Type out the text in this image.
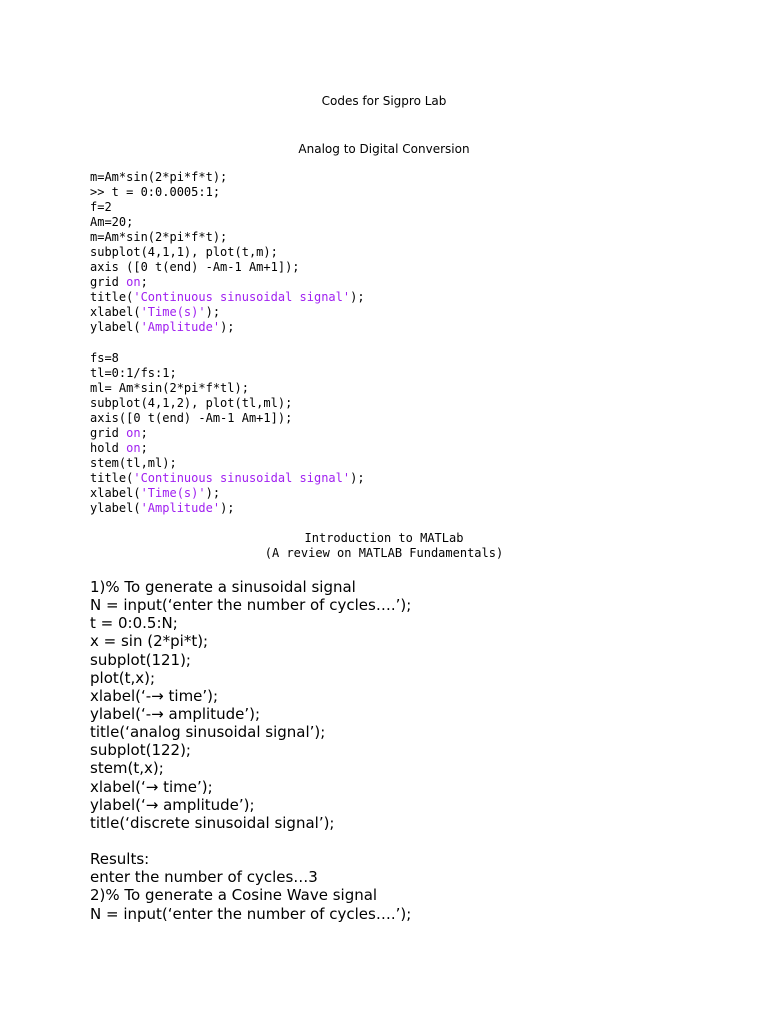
Codes for Sigpro Lab
Analog to Digital Conversion
m=Am*sin(2*pi*f*t);
>> t = 0:0.0005:1;
f=2
Am=20;
m=Am*sin(2*pi*f*t);
subplot(4,1,1), plot(t,m);
axis ([0 t(end) -Am-1 Am+1]);
grid on;
title('Continuous sinusoidal signal');
xlabel('Time(s)');
ylabel('Amplitude');
fs=8
tl=0:1/fs:1;
ml= Am*sin(2*pi*f*tl);
subplot(4,1,2), plot(tl,ml);
axis([0 t(end) -Am-1 Am+1]);
grid on;
hold on;
stem(tl,ml);
title('Continuous sinusoidal signal');
xlabel('Time(s)');
ylabel('Amplitude');
Introduction to MATLab
(A review on MATLAB Fundamentals)
1)% To generate a sinusoidal signal
N = input(‘enter the number of cycles….’);
t = 0:0.5:N;
x = sin (2*pi*t);
subplot(121);
plot(t,x);
xlabel(‘-→ time’);
ylabel(‘-→ amplitude’);
title(‘analog sinusoidal signal’);
subplot(122);
stem(t,x);
xlabel(‘→ time’);
ylabel(‘→ amplitude’);
title(‘discrete sinusoidal signal’);
Results:
enter the number of cycles…3
2)% To generate a Cosine Wave signal
N = input(‘enter the number of cycles….’);
